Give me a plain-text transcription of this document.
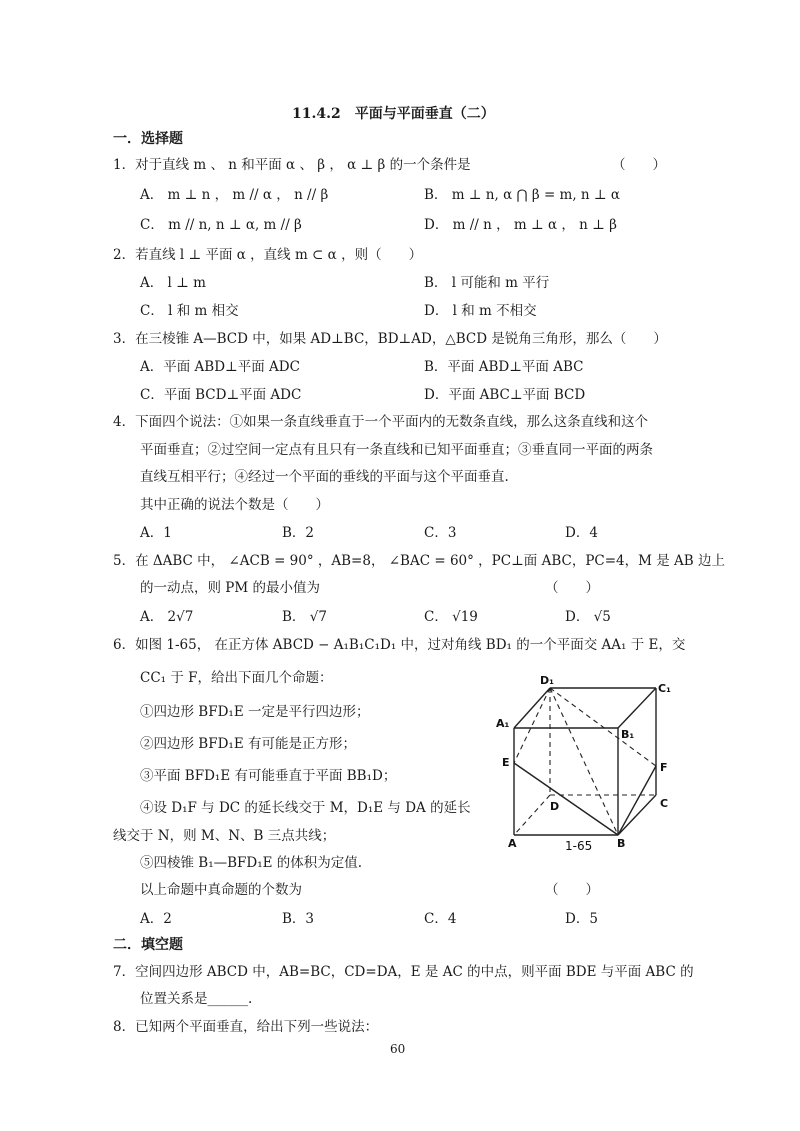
11.4.2　平面与平面垂直（二）
一．选择题
1．对于直线 m 、 n 和平面 α 、 β ， α ⊥ β 的一个条件是	（　　）
A． m ⊥ n ， m // α ， n // β	B． m ⊥ n, α ⋂ β = m, n ⊥ α
C． m // n, n ⊥ α, m // β	D． m // n ， m ⊥ α ， n ⊥ β
2．若直线 l ⊥ 平面 α ，直线 m ⊂ α ，则（　　）
A． l ⊥ m	B． l 可能和 m 平行
C． l 和 m 相交	D． l 和 m 不相交
3．在三棱锥 A—BCD 中，如果 AD⊥BC，BD⊥AD，△BCD 是锐角三角形，那么（　　）
A．平面 ABD⊥平面 ADC	B．平面 ABD⊥平面 ABC
C．平面 BCD⊥平面 ADC	D．平面 ABC⊥平面 BCD
4．下面四个说法：①如果一条直线垂直于一个平面内的无数条直线，那么这条直线和这个
平面垂直；②过空间一定点有且只有一条直线和已知平面垂直；③垂直同一平面的两条
直线互相平行；④经过一个平面的垂线的平面与这个平面垂直.
其中正确的说法个数是（　　）
A．1	B．2	C．3	D．4
5．在 ΔABC 中， ∠ACB = 90° ，AB=8， ∠BAC = 60° ，PC⊥面 ABC，PC=4，M 是 AB 边上
的一动点，则 PM 的最小值为	（　　）
A． 2√7	B． √7	C． √19	D． √5
6．如图 1-65， 在正方体 ABCD − A₁B₁C₁D₁ 中，过对角线 BD₁ 的一个平面交 AA₁ 于 E，交
CC₁ 于 F，给出下面几个命题：
①四边形 BFD₁E 一定是平行四边形；
②四边形 BFD₁E 有可能是正方形；
③平面 BFD₁E 有可能垂直于平面 BB₁D；
④设 D₁F 与 DC 的延长线交于 M，D₁E 与 DA 的延长
线交于 N，则 M、N、B 三点共线；
⑤四棱锥 B₁—BFD₁E 的体积为定值.
以上命题中真命题的个数为	（　　）
A．2	B．3	C．4	D．5
D₁
C₁
A₁
B₁
E	F
D	C
A	B
1-65
二．填空题
7．空间四边形 ABCD 中，AB=BC，CD=DA，E 是 AC 的中点，则平面 BDE 与平面 ABC 的
位置关系是______.
8．已知两个平面垂直，给出下列一些说法：
60
